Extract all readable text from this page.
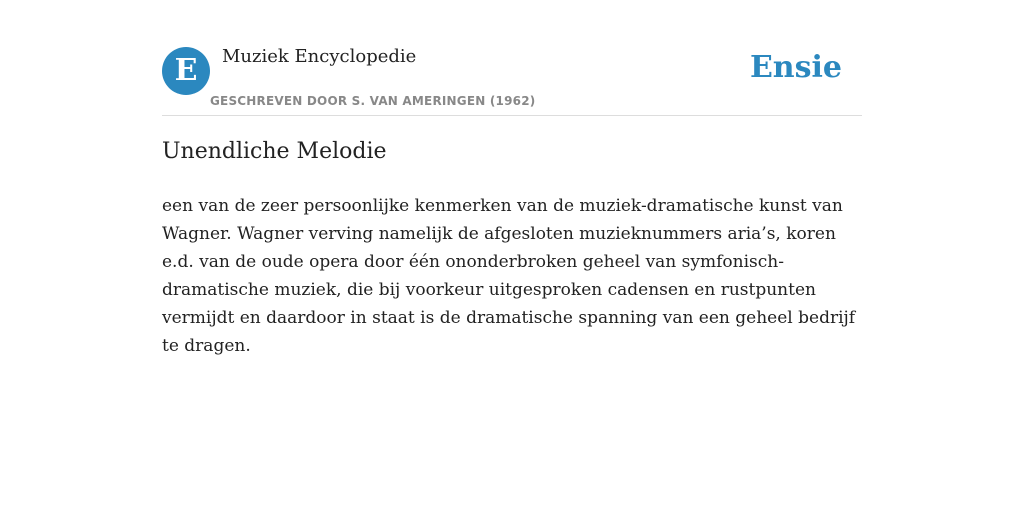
E	Muziek Encyclopedie
GESCHREVEN DOOR S. VAN AMERINGEN (1962)
Ensie
Unendliche Melodie

een van de zeer persoonlijke kenmerken van de muziek-dramatische kunst van Wagner. Wagner verving namelijk de afgesloten muzieknummers aria’s, koren e.d. van de oude opera door één ononderbroken geheel van symfonisch-dramatische muziek, die bij voorkeur uitgesproken cadensen en rustpunten vermijdt en daardoor in staat is de dramatische spanning van een geheel bedrijf te dragen.
